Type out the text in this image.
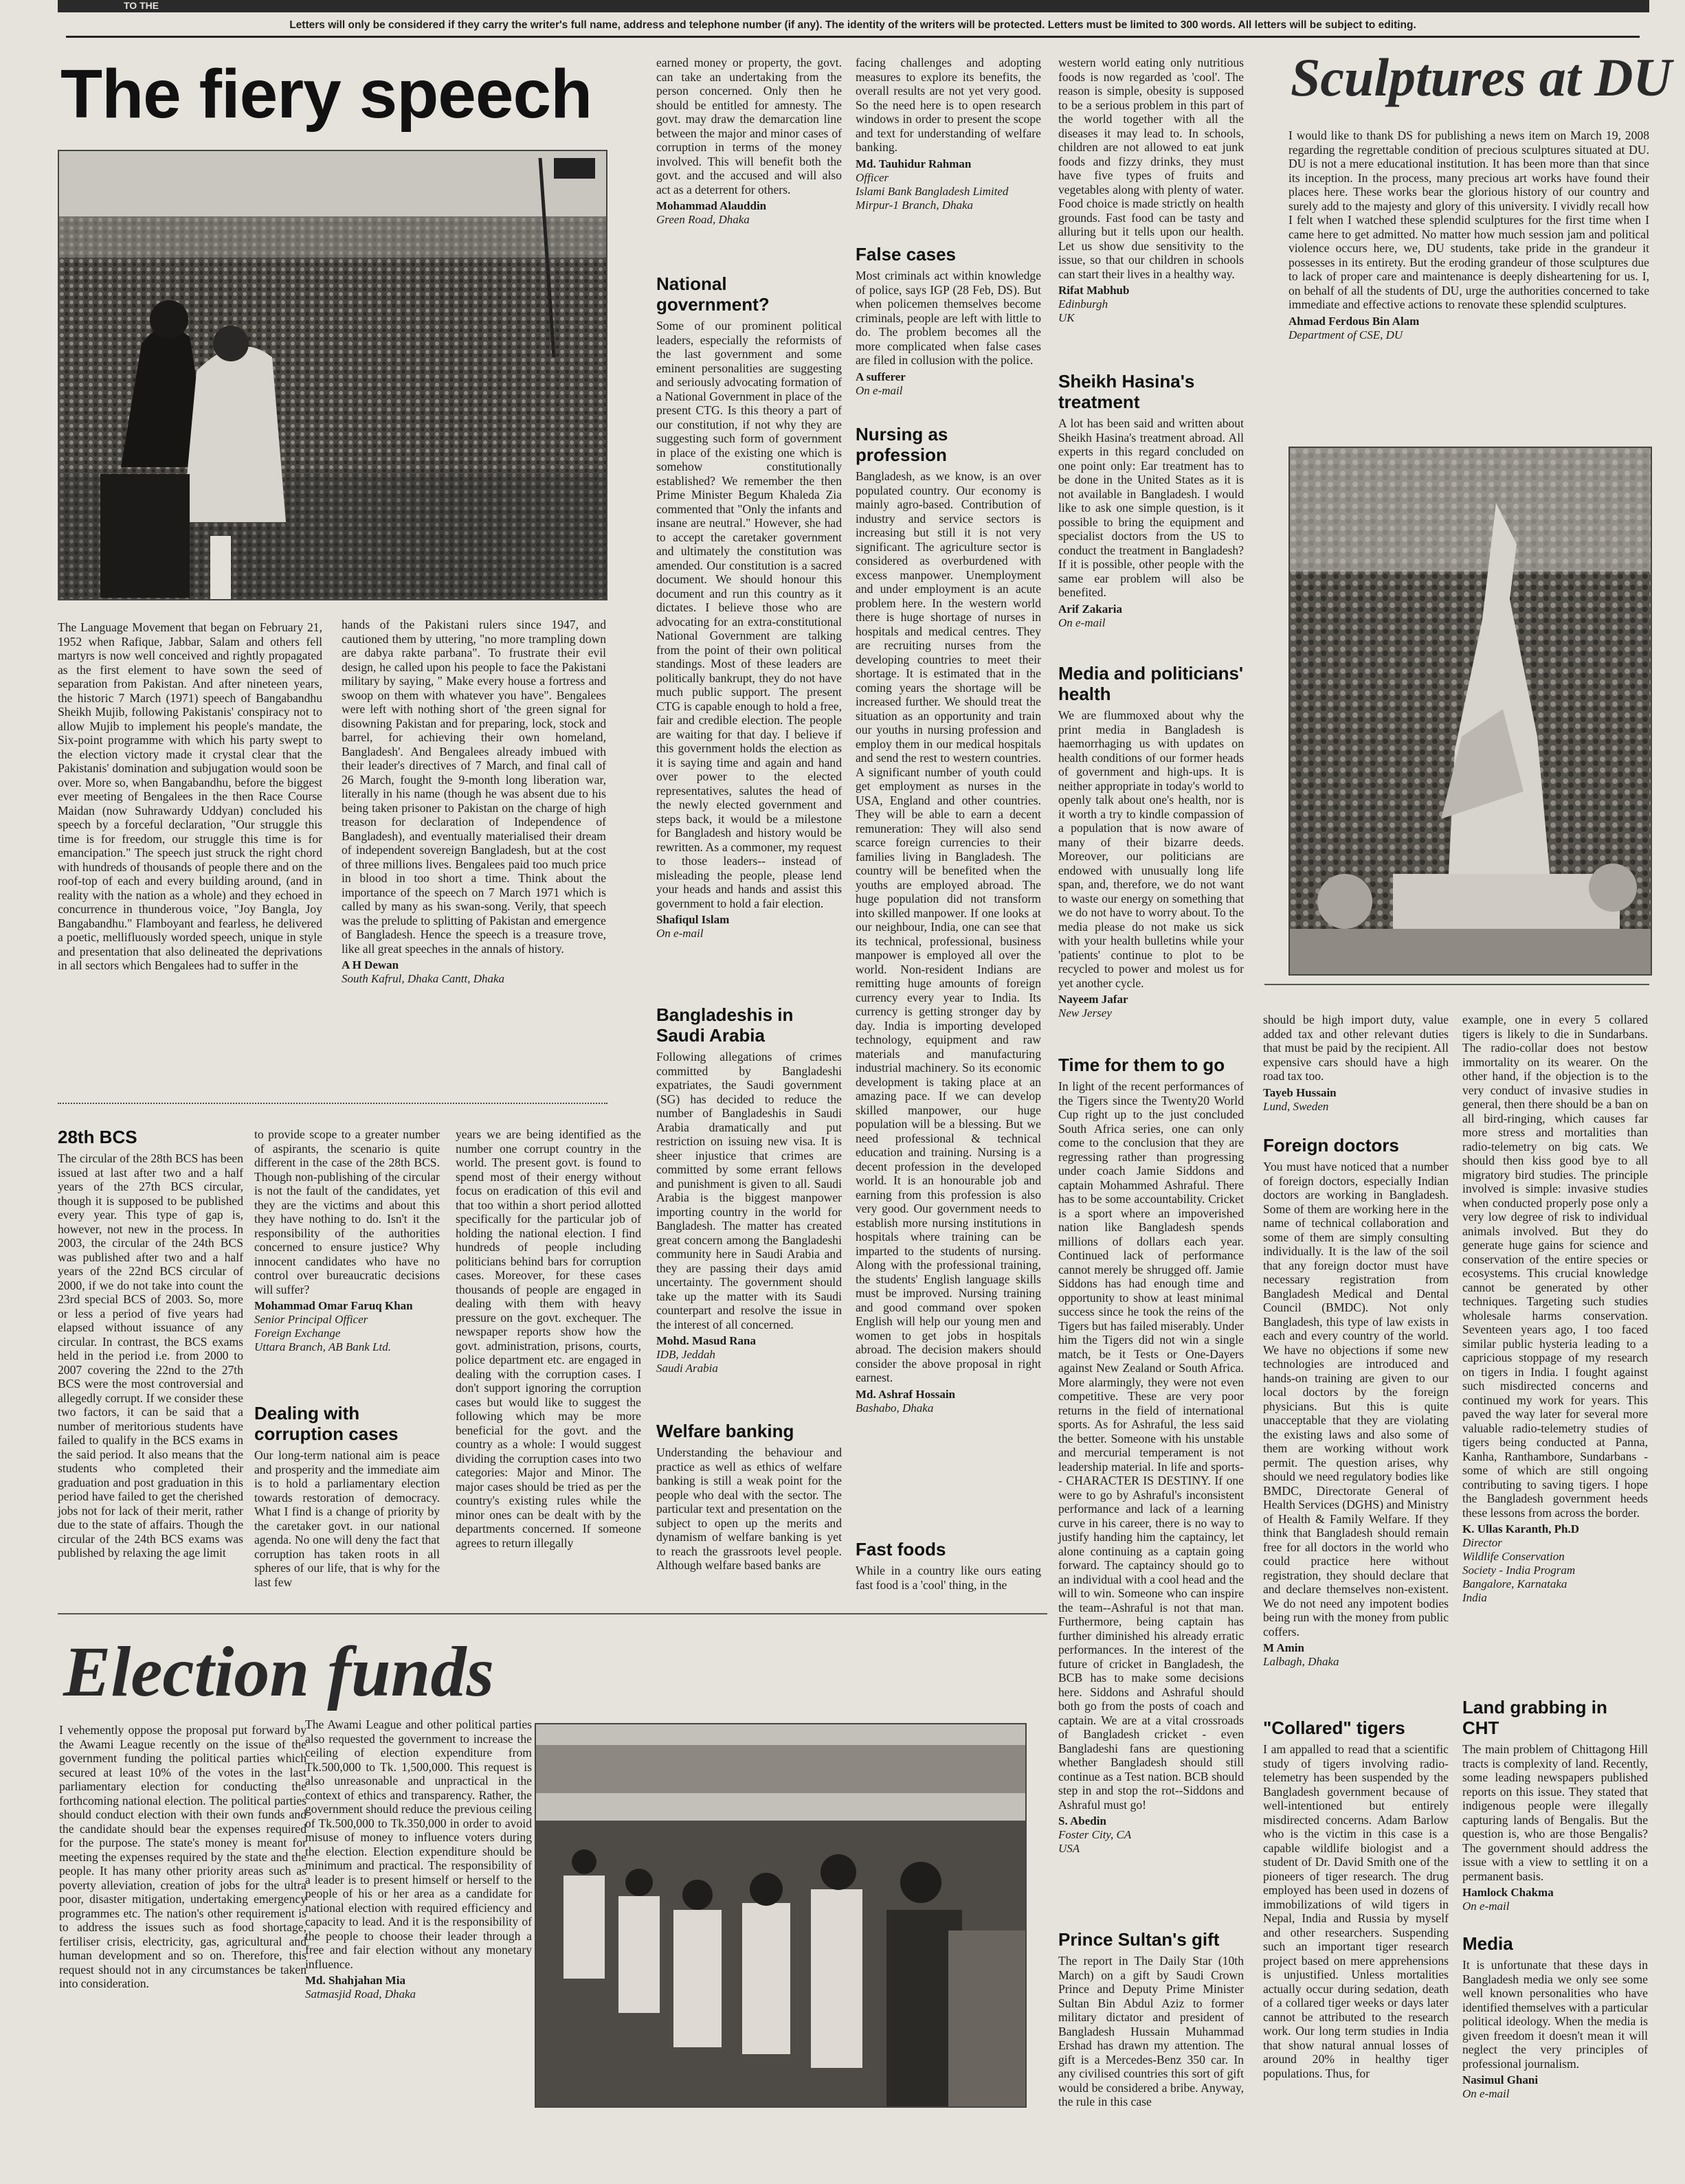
TO THE
Letters will only be considered if they carry the writer's full name, address and telephone number (if any). The identity of the writers will be protected. Letters must be limited to 300 words. All letters will be subject to editing.
The fiery speech
The Language Movement that began on February 21, 1952 when Rafique, Jabbar, Salam and others fell martyrs is now well conceived and rightly propagated as the first element to have sown the seed of separation from Pakistan. And after nineteen years, the historic 7 March (1971) speech of Bangabandhu Sheikh Mujib, following Pakistanis' conspiracy not to allow Mujib to implement his people's mandate, the Six-point programme with which his party swept to the election victory made it crystal clear that the Pakistanis' domination and subjugation would soon be over. More so, when Bangabandhu, before the biggest ever meeting of Bengalees in the then Race Course Maidan (now Suhrawardy Uddyan) concluded his speech by a forceful declaration, "Our struggle this time is for freedom, our struggle this time is for emancipation." The speech just struck the right chord with hundreds of thousands of people there and on the roof-top of each and every building around, (and in reality with the nation as a whole) and they echoed in concurrence in thunderous voice, "Joy Bangla, Joy Bangabandhu." Flamboyant and fearless, he delivered a poetic, mellifluously worded speech, unique in style and presentation that also delineated the deprivations in all sectors which Bengalees had to suffer in the

hands of the Pakistani rulers since 1947, and cautioned them by uttering, "no more trampling down are dabya rakte parbana". To frustrate their evil design, he called upon his people to face the Pakistani military by saying, " Make every house a fortress and swoop on them with whatever you have". Bengalees were left with nothing short of 'the green signal for disowning Pakistan and for preparing, lock, stock and barrel, for achieving their own homeland, Bangladesh'. And Bengalees already imbued with their leader's directives of 7 March, and final call of 26 March, fought the 9-month long liberation war, literally in his name (though he was absent due to his being taken prisoner to Pakistan on the charge of high treason for declaration of Independence of Bangladesh), and eventually materialised their dream of independent sovereign Bangladesh, but at the cost of three millions lives. Bengalees paid too much price in blood in too short a time. Think about the importance of the speech on 7 March 1971 which is called by many as his swan-song. Verily, that speech was the prelude to splitting of Pakistan and emergence of Bangladesh. Hence the speech is a treasure trove, like all great speeches in the annals of history.

A H Dewan
South Kafrul, Dhaka Cantt, Dhaka
28th BCS

The circular of the 28th BCS has been issued at last after two and a half years of the 27th BCS circular, though it is supposed to be published every year. This type of gap is, however, not new in the process. In 2003, the circular of the 24th BCS was published after two and a half years of the 22nd BCS circular of 2000, if we do not take into count the 23rd special BCS of 2003. So, more or less a period of five years had elapsed without issuance of any circular. In contrast, the BCS exams held in the period i.e. from 2000 to 2007 covering the 22nd to the 27th BCS were the most controversial and allegedly corrupt. If we consider these two factors, it can be said that a number of meritorious students have failed to qualify in the BCS exams in the said period. It also means that the students who completed their graduation and post graduation in this period have failed to get the cherished jobs not for lack of their merit, rather due to the state of affairs. Though the circular of the 24th BCS exams was published by relaxing the age limit

to provide scope to a greater number of aspirants, the scenario is quite different in the case of the 28th BCS. Though non-publishing of the circular is not the fault of the candidates, yet they are the victims and about this they have nothing to do. Isn't it the responsibility of the authorities concerned to ensure justice? Why innocent candidates who have no control over bureaucratic decisions will suffer?

Mohammad Omar Faruq Khan
Senior Principal Officer
Foreign Exchange
Uttara Branch, AB Bank Ltd.
Dealing with corruption cases

Our long-term national aim is peace and prosperity and the immediate aim is to hold a parliamentary election towards restoration of democracy. What I find is a change of priority by the caretaker govt. in our national agenda. No one will deny the fact that corruption has taken roots in all spheres of our life, that is why for the last few

years we are being identified as the number one corrupt country in the world. The present govt. is found to spend most of their energy without focus on eradication of this evil and that too within a short period allotted specifically for the particular job of holding the national election. I find hundreds of people including politicians behind bars for corruption cases. Moreover, for these cases thousands of people are engaged in dealing with them with heavy pressure on the govt. exchequer. The newspaper reports show how the govt. administration, prisons, courts, police department etc. are engaged in dealing with the corruption cases. I don't support ignoring the corruption cases but would like to suggest the following which may be more beneficial for the govt. and the country as a whole: I would suggest dividing the corruption cases into two categories: Major and Minor. The major cases should be tried as per the country's existing rules while the minor ones can be dealt with by the departments concerned. If someone agrees to return illegally

earned money or property, the govt. can take an undertaking from the person concerned. Only then he should be entitled for amnesty. The govt. may draw the demarcation line between the major and minor cases of corruption in terms of the money involved. This will benefit both the govt. and the accused and will also act as a deterrent for others.

Mohammad Alauddin
Green Road, Dhaka
National government?

Some of our prominent political leaders, especially the reformists of the last government and some eminent personalities are suggesting and seriously advocating formation of a National Government in place of the present CTG. Is this theory a part of our constitution, if not why they are suggesting such form of government in place of the existing one which is somehow constitutionally established? We remember the then Prime Minister Begum Khaleda Zia commented that "Only the infants and insane are neutral." However, she had to accept the caretaker government and ultimately the constitution was amended. Our constitution is a sacred document. We should honour this document and run this country as it dictates. I believe those who are advocating for an extra-constitutional National Government are talking from the point of their own political standings. Most of these leaders are politically bankrupt, they do not have much public support. The present CTG is capable enough to hold a free, fair and credible election. The people are waiting for that day. I believe if this government holds the election as it is saying time and again and hand over power to the elected representatives, salutes the head of the newly elected government and steps back, it would be a milestone for Bangladesh and history would be rewritten. As a commoner, my request to those leaders-- instead of misleading the people, please lend your heads and hands and assist this government to hold a fair election.

Shafiqul Islam
On e-mail
Bangladeshis in Saudi Arabia

Following allegations of crimes committed by Bangladeshi expatriates, the Saudi government (SG) has decided to reduce the number of Bangladeshis in Saudi Arabia dramatically and put restriction on issuing new visa. It is sheer injustice that crimes are committed by some errant fellows and punishment is given to all. Saudi Arabia is the biggest manpower importing country in the world for Bangladesh. The matter has created great concern among the Bangladeshi community here in Saudi Arabia and they are passing their days amid uncertainty. The government should take up the matter with its Saudi counterpart and resolve the issue in the interest of all concerned.

Mohd. Masud Rana
IDB, Jeddah
Saudi Arabia
Welfare banking

Understanding the behaviour and practice as well as ethics of welfare banking is still a weak point for the people who deal with the sector. The particular text and presentation on the subject to open up the merits and dynamism of welfare banking is yet to reach the grassroots level people. Although welfare based banks are

facing challenges and adopting measures to explore its benefits, the overall results are not yet very good. So the need here is to open research windows in order to present the scope and text for understanding of welfare banking.

Md. Tauhidur Rahman
Officer
Islami Bank Bangladesh Limited
Mirpur-1 Branch, Dhaka
False cases

Most criminals act within knowledge of police, says IGP (28 Feb, DS). But when policemen themselves become criminals, people are left with little to do. The problem becomes all the more complicated when false cases are filed in collusion with the police.

A sufferer
On e-mail
Nursing as profession

Bangladesh, as we know, is an over populated country. Our economy is mainly agro-based. Contribution of industry and service sectors is increasing but still it is not very significant. The agriculture sector is considered as overburdened with excess manpower. Unemployment and under employment is an acute problem here. In the western world there is huge shortage of nurses in hospitals and medical centres. They are recruiting nurses from the developing countries to meet their shortage. It is estimated that in the coming years the shortage will be increased further. We should treat the situation as an opportunity and train our youths in nursing profession and employ them in our medical hospitals and send the rest to western countries. A significant number of youth could get employment as nurses in the USA, England and other countries. They will be able to earn a decent remuneration: They will also send scarce foreign currencies to their families living in Bangladesh. The country will be benefited when the youths are employed abroad. The huge population did not transform into skilled manpower. If one looks at our neighbour, India, one can see that its technical, professional, business manpower is employed all over the world. Non-resident Indians are remitting huge amounts of foreign currency every year to India. Its currency is getting stronger day by day. India is importing developed technology, equipment and raw materials and manufacturing industrial machinery. So its economic development is taking place at an amazing pace. If we can develop skilled manpower, our huge population will be a blessing. But we need professional & technical education and training. Nursing is a decent profession in the developed world. It is an honourable job and earning from this profession is also very good. Our government needs to establish more nursing institutions in hospitals where training can be imparted to the students of nursing. Along with the professional training, the students' English language skills must be improved. Nursing training and good command over spoken English will help our young men and women to get jobs in hospitals abroad. The decision makers should consider the above proposal in right earnest.

Md. Ashraf Hossain
Bashabo, Dhaka
Fast foods

While in a country like ours eating fast food is a 'cool' thing, in the

western world eating only nutritious foods is now regarded as 'cool'. The reason is simple, obesity is supposed to be a serious problem in this part of the world together with all the diseases it may lead to. In schools, children are not allowed to eat junk foods and fizzy drinks, they must have five types of fruits and vegetables along with plenty of water. Food choice is made strictly on health grounds. Fast food can be tasty and alluring but it tells upon our health. Let us show due sensitivity to the issue, so that our children in schools can start their lives in a healthy way.

Rifat Mabhub
Edinburgh
UK
Sheikh Hasina's treatment

A lot has been said and written about Sheikh Hasina's treatment abroad. All experts in this regard concluded on one point only: Ear treatment has to be done in the United States as it is not available in Bangladesh. I would like to ask one simple question, is it possible to bring the equipment and specialist doctors from the US to conduct the treatment in Bangladesh? If it is possible, other people with the same ear problem will also be benefited.

Arif Zakaria
On e-mail
Media and politicians' health

We are flummoxed about why the print media in Bangladesh is haemorrhaging us with updates on health conditions of our former heads of government and high-ups. It is neither appropriate in today's world to openly talk about one's health, nor is it worth a try to kindle compassion of a population that is now aware of many of their bizarre deeds. Moreover, our politicians are endowed with unusually long life span, and, therefore, we do not want to waste our energy on something that we do not have to worry about. To the media please do not make us sick with your health bulletins while your 'patients' continue to plot to be recycled to power and molest us for yet another cycle.

Nayeem Jafar
New Jersey
Time for them to go

In light of the recent performances of the Tigers since the Twenty20 World Cup right up to the just concluded South Africa series, one can only come to the conclusion that they are regressing rather than progressing under coach Jamie Siddons and captain Mohammed Ashraful. There has to be some accountability. Cricket is a sport where an impoverished nation like Bangladesh spends millions of dollars each year. Continued lack of performance cannot merely be shrugged off. Jamie Siddons has had enough time and opportunity to show at least minimal success since he took the reins of the Tigers but has failed miserably. Under him the Tigers did not win a single match, be it Tests or One-Dayers against New Zealand or South Africa. More alarmingly, they were not even competitive. These are very poor returns in the field of international sports. As for Ashraful, the less said the better. Someone with his unstable and mercurial temperament is not leadership material. In life and sports-- CHARACTER IS DESTINY. If one were to go by Ashraful's inconsistent performance and lack of a learning curve in his career, there is no way to justify handing him the captaincy, let alone continuing as a captain going forward. The captaincy should go to an individual with a cool head and the will to win. Someone who can inspire the team--Ashraful is not that man. Furthermore, being captain has further diminished his already erratic performances. In the interest of the future of cricket in Bangladesh, the BCB has to make some decisions here. Siddons and Ashraful should both go from the posts of coach and captain. We are at a vital crossroads of Bangladesh cricket - even Bangladeshi fans are questioning whether Bangladesh should still continue as a Test nation. BCB should step in and stop the rot--Siddons and Ashraful must go!

S. Abedin
Foster City, CA
USA
Prince Sultan's gift

The report in The Daily Star (10th March) on a gift by Saudi Crown Prince and Deputy Prime Minister Sultan Bin Abdul Aziz to former military dictator and president of Bangladesh Hussain Muhammad Ershad has drawn my attention. The gift is a Mercedes-Benz 350 car. In any civilised countries this sort of gift would be considered a bribe. Anyway, the rule in this case

should be high import duty, value added tax and other relevant duties that must be paid by the recipient. All expensive cars should have a high road tax too.

Tayeb Hussain
Lund, Sweden
Sculptures at DU

I would like to thank DS for publishing a news item on March 19, 2008 regarding the regrettable condition of precious sculptures situated at DU. DU is not a mere educational institution. It has been more than that since its inception. In the process, many precious art works have found their places here. These works bear the glorious history of our country and surely add to the majesty and glory of this university. I vividly recall how I felt when I watched these splendid sculptures for the first time when I came here to get admitted. No matter how much session jam and political violence occurs here, we, DU students, take pride in the grandeur it possesses in its entirety. But the eroding grandeur of those sculptures due to lack of proper care and maintenance is deeply disheartening for us. I, on behalf of all the students of DU, urge the authorities concerned to take immediate and effective actions to renovate these splendid sculptures.

Ahmad Ferdous Bin Alam
Department of CSE, DU
Foreign doctors

You must have noticed that a number of foreign doctors, especially Indian doctors are working in Bangladesh. Some of them are working here in the name of technical collaboration and some of them are simply consulting individually. It is the law of the soil that any foreign doctor must have necessary registration from Bangladesh Medical and Dental Council (BMDC). Not only Bangladesh, this type of law exists in each and every country of the world. We have no objections if some new technologies are introduced and hands-on training are given to our local doctors by the foreign physicians. But this is quite unacceptable that they are violating the existing laws and also some of them are working without work permit. The question arises, why should we need regulatory bodies like BMDC, Directorate General of Health Services (DGHS) and Ministry of Health & Family Welfare. If they think that Bangladesh should remain free for all doctors in the world who could practice here without registration, they should declare that and declare themselves non-existent. We do not need any impotent bodies being run with the money from public coffers.

M Amin
Lalbagh, Dhaka
"Collared" tigers

I am appalled to read that a scientific study of tigers involving radio-telemetry has been suspended by the Bangladesh government because of well-intentioned but entirely misdirected concerns. Adam Barlow who is the victim in this case is a capable wildlife biologist and a student of Dr. David Smith one of the pioneers of tiger research. The drug employed has been used in dozens of immobilizations of wild tigers in Nepal, India and Russia by myself and other researchers. Suspending such an important tiger research project based on mere apprehensions is unjustified. Unless mortalities actually occur during sedation, death of a collared tiger weeks or days later cannot be attributed to the research work. Our long term studies in India that show natural annual losses of around 20% in healthy tiger populations. Thus, for

example, one in every 5 collared tigers is likely to die in Sundarbans. The radio-collar does not bestow immortality on its wearer. On the other hand, if the objection is to the very conduct of invasive studies in general, then there should be a ban on all bird-ringing, which causes far more stress and mortalities than radio-telemetry on big cats. We should then kiss good bye to all migratory bird studies. The principle involved is simple: invasive studies when conducted properly pose only a very low degree of risk to individual animals involved. But they do generate huge gains for science and conservation of the entire species or ecosystems. This crucial knowledge cannot be generated by other techniques. Targeting such studies wholesale harms conservation. Seventeen years ago, I too faced similar public hysteria leading to a capricious stoppage of my research on tigers in India. I fought against such misdirected concerns and continued my work for years. This paved the way later for several more valuable radio-telemetry studies of tigers being conducted at Panna, Kanha, Ranthambore, Sundarbans - some of which are still ongoing contributing to saving tigers. I hope the Bangladesh government heeds these lessons from across the border.

K. Ullas Karanth, Ph.D
Director
Wildlife Conservation
Society - India Program
Bangalore, Karnataka
India
Land grabbing in CHT

The main problem of Chittagong Hill tracts is complexity of land. Recently, some leading newspapers published reports on this issue. They stated that indigenous people were illegally capturing lands of Bengalis. But the question is, who are those Bengalis? The government should address the issue with a view to settling it on a permanent basis.

Hamlock Chakma
On e-mail
Media

It is unfortunate that these days in Bangladesh media we only see some well known personalities who have identified themselves with a particular political ideology. When the media is given freedom it doesn't mean it will neglect the very principles of professional journalism.

Nasimul Ghani
On e-mail
Election funds
I vehemently oppose the proposal put forward by the Awami League recently on the issue of the government funding the political parties which secured at least 10% of the votes in the last parliamentary election for conducting the forthcoming national election. The political parties should conduct election with their own funds and the candidate should bear the expenses required for the purpose. The state's money is meant for meeting the expenses required by the state and the people. It has many other priority areas such as poverty alleviation, creation of jobs for the ultra poor, disaster mitigation, undertaking emergency programmes etc. The nation's other requirement is to address the issues such as food shortage, fertiliser crisis, electricity, gas, agricultural and human development and so on. Therefore, this request should not in any circumstances be taken into consideration.

The Awami League and other political parties also requested the government to increase the ceiling of election expenditure from Tk.500,000 to Tk. 1,500,000. This request is also unreasonable and unpractical in the context of ethics and transparency. Rather, the government should reduce the previous ceiling of Tk.500,000 to Tk.350,000 in order to avoid misuse of money to influence voters during the election. Election expenditure should be minimum and practical. The responsibility of a leader is to present himself or herself to the people of his or her area as a candidate for national election with required efficiency and capacity to lead. And it is the responsibility of the people to choose their leader through a free and fair election without any monetary influence.

Md. Shahjahan Mia
Satmasjid Road, Dhaka
